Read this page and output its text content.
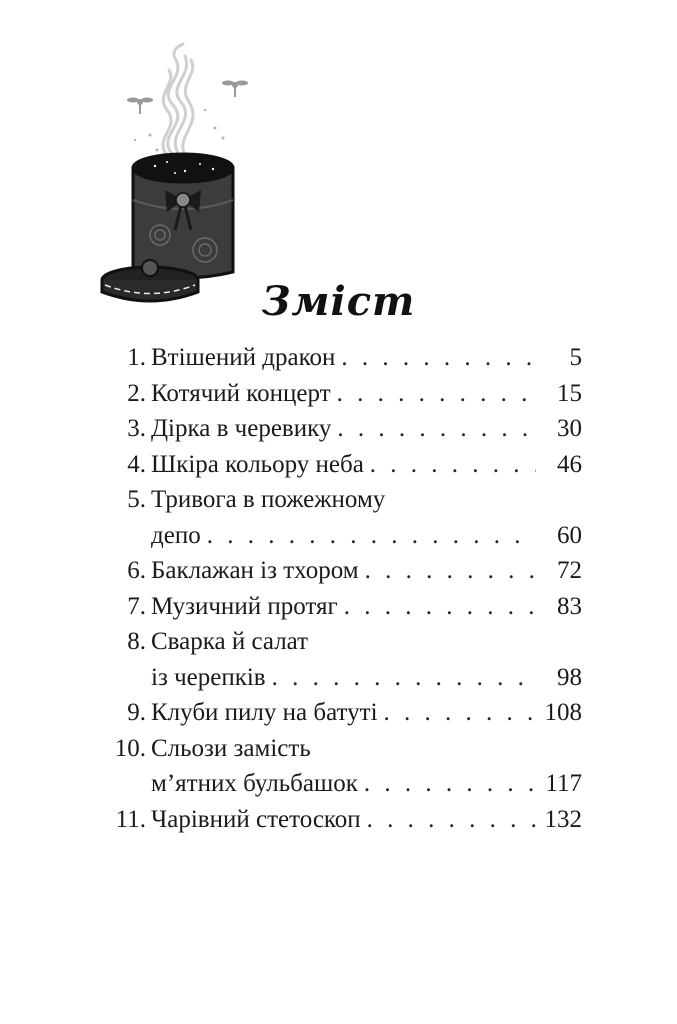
Зміст
1. Втішений дракон . . .	5
2. Котячий концерт . . .	15
3. Дірка в черевику . . .	30
4. Шкіра кольору неба . . .	46
5. Тривога в пожежному
депо . . .	60
6. Баклажан із тхором . . .	72
7. Музичний протяг . . .	83
8. Сварка й салат
із черепків . . .	98
9. Клуби пилу на батуті . . .	108
10. Сльози замість
м’ятних бульбашок . . .	117
11. Чарівний стетоскоп . . .	132
